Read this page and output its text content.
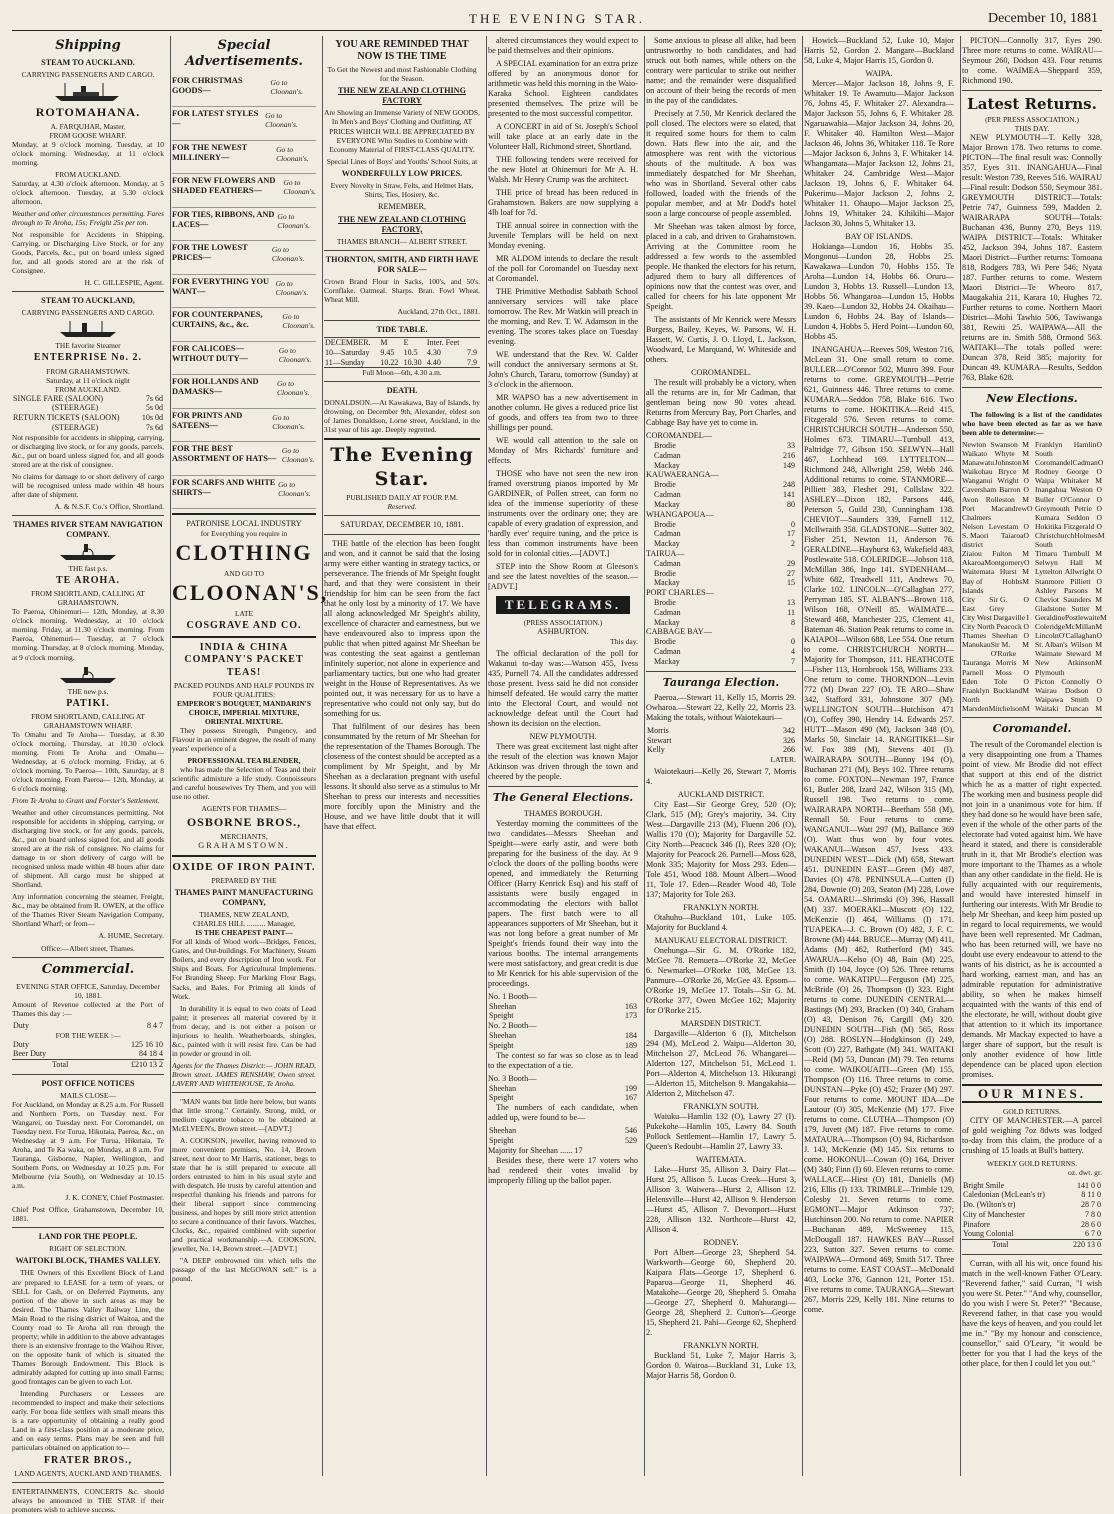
THE EVENING STAR.	December 10, 1881
Shipping
STEAM TO AUCKLAND.
CARRYING PASSENGERS AND CARGO.
ROTOMAHANA.
A. FARQUHAR, Master.
FROM GOOSE WHARF.

Monday, at 9 o'clock morning. Tuesday, at 10 o'clock morning. Wednesday, at 11 o'clock morning.

FROM AUCKLAND.

Saturday, at 4.30 o'clock afternoon. Monday, at 5 o'clock afternoon. Tuesday, at 5.30 o'clock afternoon.

Weather and other circumstances permitting. Fares through to Te Aroha, 15s; Freight 25s per ton.

Not responsible for Accidents in Shipping, Carrying, or Discharging Live Stock, or for any Goods, Parcels, &c., put on board unless signed for, and all goods stored are at the risk of Consignee.

H. C. GILLESPIE, Agent.
STEAM TO AUCKLAND,
CARRYING PASSENGERS AND CARGO.
THE favorite Steamer
ENTERPRISE No. 2.
FROM GRAHAMSTOWN.
Saturday, at 11 o'clock night
FROM AUCKLAND.
SINGLE FARE (SALOON)	7s 6d
(STEERAGE)	5s 0d
RETURN TICKETS (SALOON)	10s 0d
(STEERAGE)	7s 6d

Not responsible for accidents in shipping, carrying, or discharging live stock, or for any goods, parcels, &c., put on board unless signed for, and all goods stored are at the risk of consignee.

No claims for damage to or short delivery of cargo will be recognised unless made within 48 hours after date of shipment.

A. & N.S.F. Co.'s Office, Shortland.
THAMES RIVER STEAM NAVIGATION COMPANY.
THE fast p.s.
TE AROHA.
FROM SHORTLAND, CALLING AT GRAHAMSTOWN.

To Paeroa, Ohinemuri— 12th, Monday, at 8.30 o'clock morning. Wednesday, at 10 o'clock morning. Friday, at 11.30 o'clock morning. From Paeroa, Ohinemuri— Tuesday, at 7 o'clock morning. Thursday, at 8 o'clock morning. Monday, at 9 o'clock morning.

THE new p.s.
PATIKI.
FROM SHORTLAND, CALLING AT GRAHAMSTOWN WHARF.

To Omahu and Te Aroha— Tuesday, at 8.30 o'clock morning. Thursday, at 10.30 o'clock morning. From Te Aroha and Omahu— Wednesday, at 6 o'clock morning. Friday, at 6 o'clock morning. To Paeroa— 10th, Saturday, at 8 o'clock morning. From Paeroa— 12th, Monday, at 6 o'clock morning.

From Te Aroha to Grant and Forster's Settlement.

Weather and other circumstances permitting. Not responsible for accidents in shipping, carrying, or discharging live stock, or for any goods, parcels, &c., put on board unless signed for, and all goods stored are at the risk of consignee. No claims for damage to or short delivery of cargo will be recognised unless made within 48 hours after date of shipment. All cargo must be shipped at Shortland.

Any information concerning the steamer, Freight, &c., may be obtained from R. OWEN, at the office of the Thames River Steam Navigation Company, Shortland Wharf; or from—

A. HUME, Secretary.
Office:—Albert street, Thames.
Commercial.
EVENING STAR OFFICE, Saturday, December 10, 1881.

Amount of Revenue collected at the Port of Thames this day :—

Duty	8 4 7
FOR THE WEEK :—
Duty	125 16 10
Beer Duty	84 18 4
Total	£210 13 2
POST OFFICE NOTICES
MAILS CLOSE—

For Auckland, on Monday at 8.25 a.m. For Russell and Northern Ports, on Tuesday next. For Wangarei, on Tuesday next. For Coromandel, on Tuesday next. For Turua, Hikutaia, Paeroa, &c., on Wednesday at 9 a.m. For Turua, Hikutaia, Te Aroha, and Te Ka waka, on Monday, at 8 a.m. For Tauranga, Gisborne, Napier, Wellington, and Southern Ports, on Wednesday at 10.25 p.m. For Melbourne (via South), on Wednesday at 10.15 a.m.

J. K. CONEY, Chief Postmaster.

Chief Post Office, Grahamstown, December 10, 1881.

LAND FOR THE PEOPLE.
RIGHT OF SELECTION.
WAITOKI BLOCK, THAMES VALLEY.

THE Owners of this Excellent Block of Land are prepared to LEASE for a term of years, or SELL for Cash, or on Deferred Payments, any portion of the above in such areas as may be desired. The Thames Valley Railway Line, the Main Road to the rising district of Waitoa, and the County road to Te Aroha all run through the property; while in addition to the above advantages there is an extensive frontage to the Waihou River, on the opposite bank of which is situated the Thames Borough Endowment. This Block is admirably adapted for cutting up into small Farms; good frontages can be given to each Lot.

Intending Purchasers or Lessees are recommended to inspect and make their selections early. For bona fide settlers with small means this is a rare opportunity of obtaining a really good Land in a first-class position at a moderate price, and on easy terms. Plans may be seen and full particulars obtained on application to—

FRATER BROS.,
LAND AGENTS, AUCKLAND AND THAMES.

ENTERTAINMENTS, CONCERTS &c. should always be announced in THE STAR if their promoters wish to achieve success.

Special Advertisements.
FOR CHRISTMAS GOODS—
Go to Cloonan's.
FOR LATEST STYLES—
Go to Cloonan's.
FOR THE NEWEST MILLINERY—
Go to Cloonan's.
FOR NEW FLOWERS AND SHADED FEATHERS—
Go to Cloonan's.
FOR TIES, RIBBONS, AND LACES—
Go to Cloonan's.
FOR THE LOWEST PRICES—
Go to Cloonan's.
FOR EVERYTHING YOU WANT—
Go to Cloonan's.
FOR COUNTERPANES, CURTAINS, &c., &c.
Go to Cloonan's.
FOR CALICOES—WITHOUT DUTY—
Go to Cloonan's.
FOR HOLLANDS AND DAMASKS—
Go to Cloonan's.
FOR PRINTS AND SATEENS—
Go to Cloonan's.
FOR THE BEST ASSORTMENT OF HATS—
Go to Cloonan's.
FOR SCARFS AND WHITE SHIRTS—
Go to Cloonan's.
PATRONISE LOCAL INDUSTRY
for Everything you require in
CLOTHING
AND GO TO
CLOONAN'S,
LATE
COSGRAVE AND CO.
INDIA & CHINA COMPANY'S PACKET TEAS!
PACKED POUNDS AND HALF POUNDS IN FOUR QUALITIES:
EMPEROR'S BOUQUET, MANDARIN'S CHOICE, IMPERIAL MIXTURE, ORIENTAL MIXTURE.

They possess Strength, Pungency, and Flavour in an eminent degree, the result of many years' experience of a

PROFESSIONAL TEA BLENDER,

who has made the Selection of Teas and their scientific admixture a life study. Connoisseurs and careful housewives Try Them, and you will use no other.

AGENTS FOR THAMES—
OSBORNE BROS.,
MERCHANTS,
GRAHAMSTOWN.
OXIDE OF IRON PAINT.
PREPARED BY THE
THAMES PAINT MANUFACTURING COMPANY,
THAMES, NEW ZEALAND,
CHARLES HILL .......... Manager,
IS THE CHEAPEST PAINT—

For all kinds of Wood work—Bridges, Fences, Gates, and Out-buildings. For Machinery, Steam Boilers, and every description of Iron work. For Ships and Boats. For Agricultural Implements. For Branding Sheep. For Marking Flour Bags, Sacks, and Bales. For Priming all kinds of Work.

In durability it is equal to two coats of Lead paint; it preserves all material covered by it from decay, and is not either a poison or injurious to health. Weatherboards, shingles, &c., painted with it will resist fire. Can be had in powder or ground in oil.

Agents for the Thames District:— JOHN READ, Brown street. JAMES RENSHAW, Owen street. LAVERY AND WHITEHOUSE, Te Aroha.

"MAN wants but little here below, but wants that little strong." Certainly. Strong, mild, or medium cigarette tobacco to be obtained at McELVEEN's, Brown street.—[ADVT.]

A. COOKSON, jeweller, having removed to more convenient premises, No. 14, Brown street, next door to Mr Harris, stationer, begs to state that he is still prepared to execute all orders entrusted to him in his usual style and with despatch. He trusts by careful attention and respectful thanking his friends and patrons for their liberal support since commencing business, and hopes by still more strict attention to secure a continuance of their favors. Watches, Clocks, &c., repaired combined with superior and practical workmanship.—A. COOKSON, jeweller, No. 14, Brown street.—[ADVT.]

"A DEEP embrowned tint which tells the passage of the last McGOWAN sell." is a pound.

YOU ARE REMINDED THAT NOW IS THE TIME

To Get the Newest and most Fashionable Clothing for the Season.

THE NEW ZEALAND CLOTHING FACTORY

Are Showing an Immense Variety of NEW GOODS, In Men's and Boys' Clothing and Outfitting, AT PRICES WHICH WILL BE APPRECIATED BY EVERYONE Who Studies to Combine with Economy Material of FIRST-CLASS QUALITY.

Special Lines of Boys' and Youths' School Suits, at

WONDERFULLY LOW PRICES.

Every Novelty in Straw, Felts, and Helmet Hats, Shirts, Ties, Hosiery, &c.

REMEMBER,
THE NEW ZEALAND CLOTHING FACTORY,
THAMES BRANCH— ALBERT STREET.
THORNTON, SMITH, AND FIRTH HAVE FOR SALE—

Crown Brand Flour in Sacks, 100's, and 50's. Cornflake. Oatmeal. Sharps. Bran. Fowl Wheat. Wheat Mill.

Auckland, 27th Oct., 1881.
TIDE TABLE.
DECEMBER.	M	E	Inter. Feet	
10—Saturday	9.45	10.5	4.30	7.9
11—Sunday	10.22	10.30	4.40	7.9
Full Moon—6th, 4.30 a.m.
DEATH.

DONALDSON.—At Kawakawa, Bay of Islands, by drowning, on December 9th, Alexander, eldest son of James Donaldson, Lorne street, Auckland, in the 31st year of his age. Deeply regretted.

The Evening Star.
PUBLISHED DAILY AT FOUR P.M.
Reserved.
SATURDAY, DECEMBER 10, 1881.

THE battle of the election has been fought and won, and it cannot be said that the losing army were either wanting in strategy tactics, or perseverance. The friends of Mr Speight fought hard, and that they were consistent in their friendship for him can be seen from the fact that he only lost by a minority of 17. We have all along acknowledged Mr Speight's ability, excellence of character and earnestness, but we have endeavoured also to impress upon the public that when pitted against Mr Sheehan be was contesting the seat against a gentleman infinitely superior, not alone in experience and parliamentary tactics, but one who had greater weight in the House of Representatives. As we pointed out, it was necessary for us to have a representative who could not only say, but do something for us.

That fulfilment of our desires has been consummated by the return of Mr Sheehan for the representation of the Thames Borough. The closeness of the contest should be accepted as a compliment by Mr Speight, and by Mr Sheehan as a declaration pregnant with useful lessons. It should also serve as a stimulus to Mr Sheehan to press our interests and necessities more forcibly upon the Ministry and the House, and we have little doubt that it will have that effect.

altered circumstances they would expect to be paid themselves and their opinions.

A SPECIAL examination for an extra prize offered by an anonymous donor for arithmetic was held this morning in the Waio-Karaka School. Eighteen candidates presented themselves. The prize will be presented to the most successful competitor.

A CONCERT in aid of St. Joseph's School will take place at an early date in the Volunteer Hall, Richmond street, Shortland.

THE following tenders were received for the new Hotel at Ohinemuri for Mr A. H. Walsh. Mr Henry Crump was the architect.

THE price of bread has been reduced in Grahamstown. Bakers are now supplying a 4lb loaf for 7d.

THE annual soiree in connection with the Juvenile Templars will be held on next Monday evening.

MR ALDOM intends to declare the result of the poll for Coromandel on Tuesday next at Coromandel.

THE Primitive Methodist Sabbath School anniversary services will take place tomorrow. The Rev. Mr Watkin will preach in the morning, and Rev. T. W. Adamson in the evening. The scores takes place on Tuesday evening.

WE understand that the Rev. W. Calder will conduct the anniversary sermons at St. John's Church, Tararu, tomorrow (Sunday) at 3 o'clock in the afternoon.

MR WAPSO has a new advertisement in another column. He gives a reduced price list of goods, and offers tea from two to three shillings per pound.

WE would call attention to the sale on Monday of Mrs Richards' furniture and effects.

THOSE who have not seen the new iron framed overstrung pianos imported by Mr GARDINER, of Pollen street, can form no idea of the immense superiority of these instruments over the ordinary one; they are capable of every gradation of expression, and 'hardly ever' require tuning, and the price is less than common instruments have been sold for in colonial cities.—[ADVT.]

STEP into the Show Room at Gleeson's and see the latest novelties of the season.—[ADVT.]

TELEGRAMS.
(PRESS ASSOCIATION.)
ASHBURTON.
This day.

The official declaration of the poll for Wakanui to-day was:—Watson 455, Ivess 435, Purnell 74. All the candidates addressed those present. Ivess said he did not consider himself defeated. He would carry the matter into the Electoral Court, and would not acknowledge defeat until the Court had shown its decision on the election.

NEW PLYMOUTH.

There was great excitement last night after the result of the election was known Major Atkinson was driven through the town and cheered by the people.

The General Elections.
THAMES BOROUGH.

Yesterday morning the committees of the two candidates—Messrs Sheehan and Speight—were early astir, and were both preparing for the business of the day. At 9 o'clock the doors of the polling booths were opened, and immediately the Returning Officer (Harry Kenrick Esq) and his staff of assistants were busily engaged in accommodating the electors with ballot papers. The first batch were to all appearances supporters of Mr Sheehan, but it was not long before a great number of Mr Speight's friends found their way into the various booths. The internal arrangements were most satisfactory, and great credit is due to Mr Kenrick for his able supervision of the proceedings.

No. 1 Booth—
Sheehan	163
Speight	173
No. 2 Booth—
Sheehan	184
Speight	189

The contest so far was so close as to lead to the expectation of a tie.

No. 3 Booth—
Sheehan	199
Speight	167

The numbers of each candidate, when added up, were found to be—

Sheehan	546
Speight	529
Majority for Sheehan ...... 17

Besides these, there were 17 voters who had rendered their votes invalid by improperly filling up the ballot paper.

Some anxious to please all alike, had been untrustworthy to both candidates, and had struck out both names, while others on the contrary were particular to strike out neither name; and the remainder were disqualified on account of their being the records of men in the pay of the candidates.

Precisely at 7.50, Mr Kenrick declared the poll closed. The electors were so elated, that it required some hours for them to calm down. Hats flew into the air, and the atmosphere was rent with the victorious shouts of the multitude. A box was immediately despatched for Mr Sheehan, who was in Shortland. Several other cabs followed, loaded with the friends of the popular member, and at Mr Dodd's hotel soon a large concourse of people assembled.

Mr Sheehan was taken almost by force, placed in a cab, and driven to Grahamstown. Arriving at the Committee room he addressed a few words to the assembled people. He thanked the electors for his return, adjured them to bury all differences of opinions now that the contest was over, and called for cheers for his late opponent Mr Speight.

The assistants of Mr Kenrick were Messrs Burgess, Bailey, Keyes, W. Parsons, W. H. Hassett, W. Curtis, J. O. Lloyd, L. Jackson, Woodward, Le Marquand, W. Whiteside and others.

COROMANDEL.

The result will probably be a victory, when all the returns are in, for Mr Cadman, that gentleman being now 90 votes ahead. Returns from Mercury Bay, Port Charles, and Cabbage Bay have yet to come in.

COROMANDEL—
Brodie	33
Cadman	216
Mackay	149
KAUWAERANGA—
Brodie	248
Cadman	141
Mackay	80
WHANGAPOUA—
Brodie	0
Cadman	17
Mackay	2
TAIRUA—
Cadman	29
Brodie	27
Mackay	15
PORT CHARLES—
Brodie	13
Cadman	11
Mackay	8
CABBAGE BAY—
Brodie	0
Cadman	4
Mackay	7
Tauranga Election.

Paeroa.—Stewart 11, Kelly 15, Morris 29. Owharoa.—Stewart 22, Kelly 22, Morris 23. Making the totals, without Waiotekauri—

Morris	342
Stewart	326
Kelly	266
LATER.

Waiotekauri—Kelly 26, Stewart 7, Morris 4.

AUCKLAND DISTRICT.

City East—Sir George Grey, 520 (O); Clark, 515 (M); Grey's majority, 34. City West—Dargaville 213 (M), Fluenn 206 (O), Wallis 170 (O); Majority for Dargaville 52. City North—Peacock 346 (I), Rees 320 (O); Majority for Peacock 26. Parnell—Moss 628, Monk 335; Majority for Moss 293. Eden—Tole 451, Wood 188. Mount Albert—Wood 11, Tole 17. Eden—Reader Wood 40, Tole 137; Majority for Tole 263.

FRANKLYN NORTH.

Otahuhu—Buckland 101, Luke 105. Majority for Buckland 4.

MANUKAU ELECTORAL DISTRICT.

Onehunga—Sir G. M. O'Rorke 182, McGee 78. Remuera—O'Rorke 32, McGee 6. Newmarket—O'Rorke 108, McGee 13. Panmure—O'Rorke 26, McGee 43. Epsom—O'Rorke 19, McGee 17. Totals—Sir G. M. O'Rorke 377, Owen McGee 162; Majority for O'Rorke 215.

MARSDEN DISTRICT.

Dargaville—Alderton 6 (I), Mitchelson 294 (M), McLeod 2. Waipu—Alderton 30, Mitchelson 27, McLeod 76. Whangarei—Alderton 127, Mitchelson 51, McLeod 1. Port—Alderton 4, Mitchelson 13. Hikurangi—Alderton 15, Mitchelson 9. Mangakahia—Alderton 2, Mitchelson 47.

FRANKLYN SOUTH.

Waiuku—Hamlin 132 (O), Lawry 27 (I). Pukekohe—Hamlin 105, Lawry 84. South Pollock Settlement—Hamlin 17, Lawry 5. Queen's Redoubt—Hamlin 27, Lawry 33.

WAITEMATA.

Lake—Hurst 35, Allison 3. Dairy Flat—Hurst 25, Allison 5. Lucas Creek—Hurst 3, Allison 3. Waiwera—Hurst 2, Allison 12. Helensville—Hurst 42, Allison 9. Henderson—Hurst 45, Allison 7. Devonport—Hurst 228, Allison 132. Northcote—Hurst 42, Allison 4.

RODNEY.

Port Albert—George 23, Shepherd 54. Warkworth—George 60, Shepherd 20. Kaipara Flats—George 17, Shepherd 6. Paparoa—George 11, Shepherd 46. Matakohe—George 20, Shepherd 5. Omaha—George 27, Shepherd 0. Mahurangi—George 28, Shepherd 2. Cutton's—George 15, Shepherd 21. Pahi—George 62, Shepherd 2.

FRANKLYN NORTH.

Buckland 51, Luke 7, Major Harris 3, Gordon 0. Wairoa—Buckland 31, Luke 13, Major Harris 58, Gordon 0.

Howick—Buckland 52, Luke 10, Major Harris 52, Gordon 2. Mangare—Buckland 58, Luke 4, Major Harris 15, Gordon 0.

WAIPA.

Mercer—Major Jackson 18, Johns 9, F. Whitaker 19. Te Awamutu—Major Jackson 76, Johns 45, F. Whitaker 27. Alexandra—Major Jackson 55, Johns 6, F. Whitaker 28. Ngaruawahia—Major Jackson 34, Johns 20, F. Whitaker 40. Hamilton West—Major Jackson 46, Johns 36, Whitaker 118. Te Rore—Major Jackson 6, Johns 3, F. Whitaker 14. Whangamata—Major Jackson 12, Johns 21, Whitaker 24. Cambridge West—Major Jackson 19, Johns 6, F. Whitaker 64. Pukerimu—Major Jackson 2, Johns 2, Whitaker 11. Ohaupo—Major Jackson 25, Johns 19, Whitaker 24. Kihikihi—Major Jackson 30, Johns 5, Whitaker 13.

BAY OF ISLANDS.

Hokianga—Lundon 16, Hobbs 35. Mongonui—Lundon 28, Hobbs 25. Kawakawa—Lundon 70, Hobbs 155. Te Aroha—Lundon 14, Hobbs 66. Oruru—Lundon 3, Hobbs 13. Russell—Lundon 13, Hobbs 56. Whangaroa—Lundon 15, Hobbs 39. Kaeo—Lundon 32, Hobbs 24. Okaihau—Lundon 6, Hobbs 24. Bay of Islands—Lundon 4, Hobbs 5. Herd Point—Lundon 60, Hobbs 45.

INANGAHUA—Reeves 509, Weston 716, McLean 31. One small return to come. BULLER—O'Connor 502, Munro 399. Four returns to come. GREYMOUTH—Petrie 621, Guinness 446. Three returns to come. KUMARA—Seddon 758, Blake 616. Two returns to come. HOKITIKA—Reid 415, Fitzgerald 576. Seven returns to come. CHRISTCHURCH SOUTH—Anderson 550, Holmes 673. TIMARU—Turnbull 413, Paltridge 77, Gibson 150. SELWYN—Hall 467, Lochhead 169. LYTTELTON—Richmond 248, Allwright 259, Webb 246. Additional returns to come. STANMORE—Pilliett 383, Fleshet 291, Collslaw 322. ASHLEY—Dixon 182, Parsons 446, Peterson 5, Guild 230, Cunningham 138. CHEVIOT—Saunders 339, Farnell 112, McIlwraith 358. GLADSTONE—Sutter 302, Fisher 251, Newton 11, Anderson 76. GERALDINE—Hayhurst 63, Wakefield 483, Postlewaite 518. COLERIDGE—Jobson 118, McMillan 386, Ingo 141. SYDENHAM—White 682, Treadwell 111, Andrews 70, Clarke 102. LINCOLN—O'Callaghan 277, Perryman 185. ST. ALBAN'S—Brown 118, Wilson 168, O'Neill 85. WAIMATE—Steward 468, Manchester 225, Clement 41, Bateman 46. Station Peak returns to come in. KAIAPOI—Wilson 688, Lee 554. One return to come. CHRISTCHURCH NORTH—Majority for Thompson, 111. HEATHCOTE—Fisher 113, Hornbrook 158, Williams 233. One return to come. THORNDON—Levin 772 (M) Dwan 227 (O). TE ARO—Shaw 342, Stafford 331, Johnstone 307 (M). WELLINGTON SOUTH—Hutchison 471 (O), Coffey 390, Hendry 14. Edwards 257. HUTT—Mason 490 (M), Jackson 348 (O), Marks 50, Sinclair 14. RANGITIKEI—Sir W. Fox 389 (M), Stevens 401 (I). WAIRARAPA SOUTH—Bunny 194 (O), Buchanan 271 (M), Beys 102. Three returns to come. FOXTON—Newman 197, France 61, Butler 208, Izard 242, Wilson 315 (M), Russell 198. Two returns to come. WAIRARAPA NORTH—Beetham 558 (M), Rennall 50. Four returns to come. WANGANUI—Watt 297 (M), Ballance 369 (O). Watt thus won by four votes. WAKANUI—Watson 457, Ivess 433. DUNEDIN WEST—Dick (M) 658, Stewart 451. DUNEDIN EAST—Green (M) 487, Davies (O) 478. PENINSULA—Cutten (I) 284, Downie (O) 203, Seaton (M) 228, Lowe 54. OAMARU—Shrimski (O) 396, Hassall (M) 337. MOERAKI—Muscott (O) 122, McKenzie (I) 464, Williams (I) 171. TUAPEKA—J. C. Brown (O) 482, J. F. C. Browne (M) 444. BRUCE—Murray (M) 411, Adams (M) 462, Rutherford (M) 345. AWARUA—Kelso (O) 48, Bain (M) 225, Smith (I) 104, Joyce (O) 526. Three returns to come. WAKATIPU—Ferguson (M) 225, McBride (O) 26, Thompson (I) 323. Eight returns to come. DUNEDIN CENTRAL—Bastings (M) 293, Bracken (O) 340, Graham (O) 43, Denison 76, Cargill (M) 320. DUNEDIN SOUTH—Fish (M) 565, Ross (O) 288. ROSLYN—Hodgkinson (I) 249, Scott (O) 227, Bathgate (M) 341. WAITAKI—Reid (M) 53, Duncan (M) 79. Ten returns to come. WAIKOUAITI—Green (M) 155, Thompson (O) 116. Three returns to come. DUNSTAN—Pyke (O) 452; Frazer (M) 297. Four returns to come. MOUNT IDA—De Lautour (O) 305, McKenzie (M) 177. Five returns to come. CLUTHA—Thompson (O) 179, Juvett (M) 187. Five returns to come. MATAURA—Thompson (O) 94, Richardson J. 143, McKenzie (M) 145. Six returns to come. HOKONUI—Cowan (O) 164, Driver (M) 340; Finn (I) 60. Eleven returns to come. WALLACE—Hirst (O) 181, Daniells (M) 216, Ellis (I) 133. TRIMBLE—Trimble 129, Colesby 21. Seven returns to come. EGMONT—Major Atkinson 737; Hutchinson 200. No return to come. NAPIER—Buchanan 489, McSweeney 115, McDougall 187. HAWKES BAY—Russel 223, Sutton 327. Seven returns to come. WAIPAWA—Ormond 469, Smith 517. Three returns to come. EAST COAST—McDonald 403, Locke 376, Gannon 121, Porter 151. Five returns to come. TAURANGA—Stewart 267, Morris 229, Kelly 181. Nine returns to come.

PICTON—Connolly 317, Eyes 290. Three more returns to come. WAIRAU—Seymour 260, Dodson 433. Four returns to come. WAIMEA—Sheppard 359, Richmond 190.

Latest Returns.
(PER PRESS ASSOCIATION.)
THIS DAY.

NEW PLYMOUTH—T. Kelly 328, Major Brown 178. Two returns to come. PICTON—The final result was: Connolly 357, Eyes 311. INANGAHUA—Final result: Weston 739, Reeves 516. WAIRAU—Final result: Dodson 550, Seymour 381. GREYMOUTH DISTRICT—Totals: Petrie 747, Guinness 599, Madden 2. WAIRARAPA SOUTH—Totals: Buchanan 436, Bunny 270, Beys 119. WAIPA DISTRICT—Totals: Whitaker 452, Jackson 394, Johns 187. Eastern Maori District—Further returns: Tomoana 818, Rodgers 783, Wi Pere 546; Nyata 187. Further returns to come. Western Maori District—Te Wheoro 817, Maugakahia 211, Karara 10, Hughes 72. Further returns to come. Northern Maori District—Mohi Tawhio 506, Tawiwanga 381, Rewiti 25. WAIPAWA—All the returns are in. Smith 588, Ormond 563. WAITAKI—The totals polled were: Duncan 378, Reid 385; majority for Duncan 49. KUMARA—Results, Seddon 763, Blake 628.

New Elections.

The following is a list of the candidates who have been elected as far as we have been able to determine:—

Newton Swanson M
Waikato Whyte M
Manawatu Johnston M
Waikohau Bryce M
Wanganui Wright O
Caversham Barron O
Avon Rolleston M
Port Chalmers
Macandrew O
Nelson Levestam O
S. Maori district
Taiaroa O
Ziaiou Fulton M
Akaroa Montgomery O
Waitemata Hurst M
Bay of Islands
Hobbs M
City East
Sir G. Grey
O
City West Dargaville I
City North Peacock O
Thames Sheehan O
Manukau Sir M. O'Rorke
M
Tauranga Morris M
Parnell Moss O
Eden Tole O
Franklyn North
Buckland M
Marsden Mitchelson M
Franklyn South
Hamlin O
Coromandel Cadman O
Rodney George O
Waipa Whitaker M
Inangahua Weston O
Buller O'Connor O
Greymouth Petrie O
Kumara Seddon O
Hokitika Fitzgerald O
Christchurch South
Holmes M
Timaru Turnbull M
Selwyn Hall M
Lyttelton Allwright O
Stanmore Pilliett O
Ashley Parsons M
Cheviot Saunders M
Gladstone Sutter M
Geraldine Postlewaite M
Coleridge McMillan M
Lincoln O'Callaghan O
St. Alban's Wilson M
Waimate Steward M
New Plymouth
Atkinson M
Picton Connolly O
Wairau Dodson O
Waipawa Smith O
Waitaki Duncan M
Coromandel.

The result of the Coromandel election is a very disappointing one from a Thames point of view. Mr Brodie did not effect that support at this end of the district which he as a matter of right expected. The working men and business people did not join in a unanimous vote for him. If they had done so he would have been safe, even if the whole of the other parts of the electorate had voted against him. We have heard it stated, and there is considerable truth in it, that Mr Brodie's election was more important to the Thames as a whole than any other candidate in the field. He is fully acquainted with our requirements, and would have interested himself in furthering our interests. With Mr Brodie to help Mr Sheehan, and keep him posted up in regard to local requirements, we would have been well represented. Mr Cadman, who has been returned will, we have no doubt use every endeavour to attend to the wants of his district, as he is accounted a hard working, earnest man, and has an admirable reputation for administrative ability, so when he makes himself acquainted with the wants of this end of the electorate, he will, without doubt give that attention to it which its importance demands. Mr Mackay expected to have a larger share of support, but the result is only another evidence of how little dependence can be placed upon election promises.

OUR MINES.
GOLD RETURNS.

CITY OF MANCHESTER.—A parcel of gold weighing 7oz 8dwts was lodged to-day from this claim, the produce of a crushing of 15 loads at Bull's battery.

WEEKLY GOLD RETURNS.
oz. dwt. gr.
Bright Smile	141 0 0
Caledonian (McLean's tr)	8 11 0
Do. (Wilton's tr)	28 7 0
City of Manchester	7 8 0
Pinafore	28 6 0
Young Colonial	6 7 0
Total	220 13 0

Curran, with all his wit, once found his match in the well-known Father O'Leary. "Reverend father," said Curran, "I wish you were St. Peter." "And why, counsellor, do you wish I were St. Peter?" "Because, Reverend father, in that case you would have the keys of heaven, and you could let me in." "By my honour and conscience, counsellor," said O'Leary, "it would be better for you that I had the keys of the other place, for then I could let you out."
